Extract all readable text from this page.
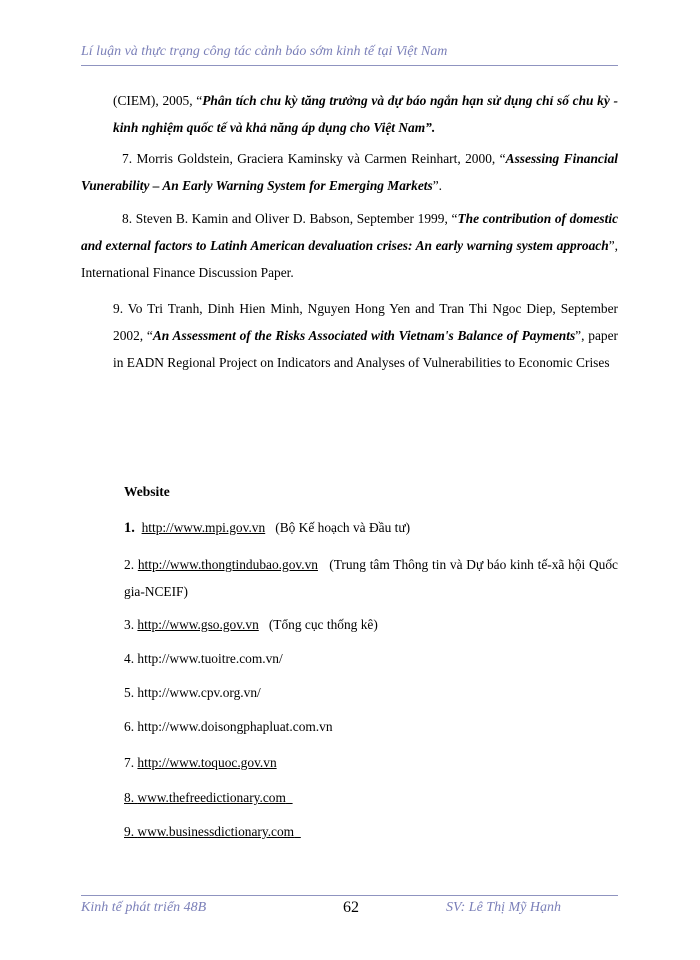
Lí luận và thực trạng công tác cảnh báo sớm kinh tế tại Việt Nam
(CIEM), 2005, “Phân tích chu kỳ tăng trưởng và dự báo ngắn hạn sử dụng chỉ số chu kỳ - kinh nghiệm quốc tế và khả năng áp dụng cho Việt Nam”.
7. Morris Goldstein, Graciera Kaminsky và Carmen Reinhart, 2000, “Assessing Financial Vunerability – An Early Warning System for Emerging Markets”.
8. Steven B. Kamin and Oliver D. Babson, September 1999, “The contribution of domestic and external factors to Latinh American devaluation crises: An early warning system approach”, International Finance Discussion Paper.
9. Vo Tri Tranh, Dinh Hien Minh, Nguyen Hong Yen and Tran Thi Ngoc Diep, September 2002, “An Assessment of the Risks Associated with Vietnam's Balance of Payments”, paper in EADN Regional Project on Indicators and Analyses of Vulnerabilities to Economic Crises
Website
1. http://www.mpi.gov.vn (Bộ Kế hoạch và Đầu tư)
2. http://www.thongtindubao.gov.vn (Trung tâm Thông tin và Dự báo kinh tế-xã hội Quốc gia-NCEIF)
3. http://www.gso.gov.vn (Tổng cục thống kê)
4. http://www.tuoitre.com.vn/
5. http://www.cpv.org.vn/
6. http://www.doisongphapluat.com.vn
7. http://www.toquoc.gov.vn
8. www.thefreedictionary.com
9. www.businessdictionary.com
Kinh tế phát triển 48B	62	SV: Lê Thị Mỹ Hạnh
